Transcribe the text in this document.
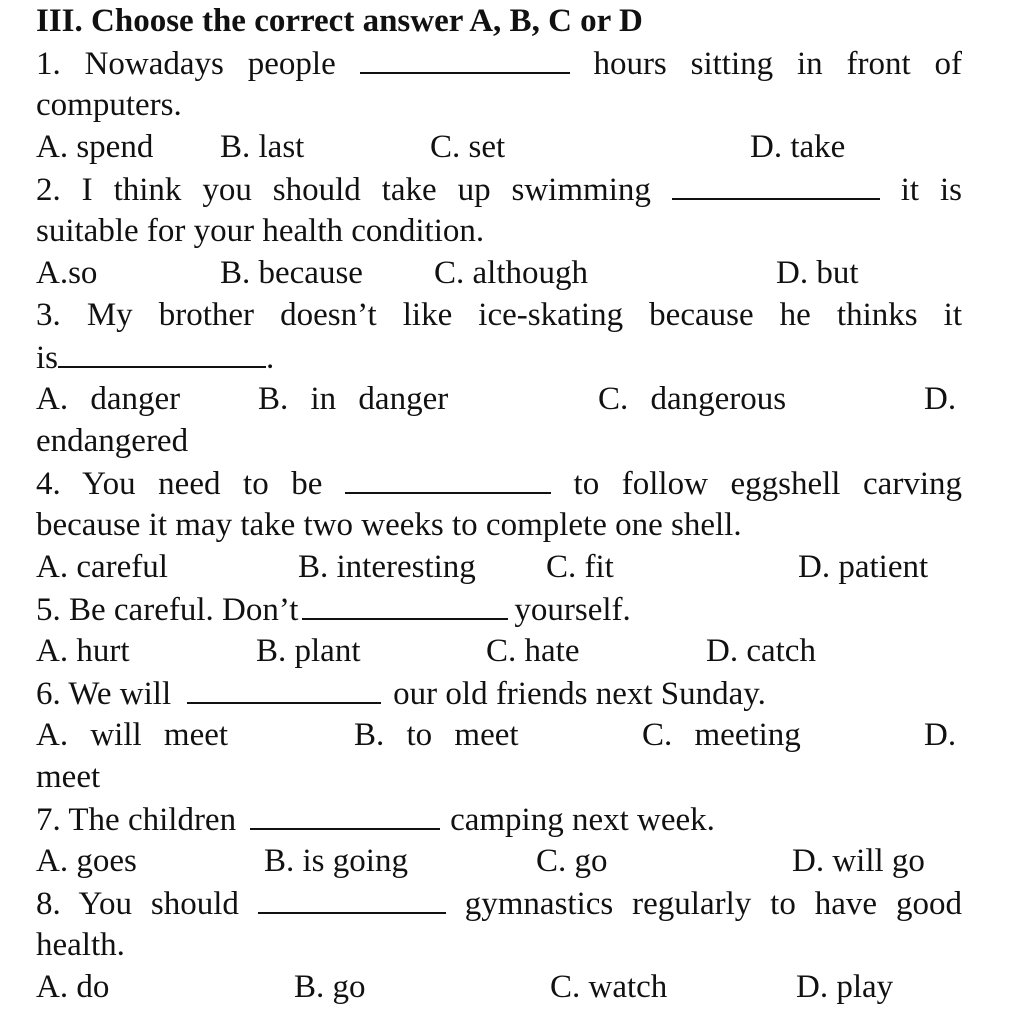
III. Choose the correct answer A, B, C or D

1. Nowadays people	hours sitting in front of

computers.

A. spend B. last	C. set	D. take

2. I think you should take up swimming	it is

suitable for your health condition.

A.so	B. because C. although	D. but

3. My brother doesn’t like ice-skating because he thinks it

is	.

A. danger B. in danger	C. dangerous	D.

endangered

4. You need to be	to follow eggshell carving

because it may take two weeks to complete one shell.

A. careful	B. interesting C. fit	D. patient

5. Be careful. Don’t	yourself.

A. hurt	B. plant	C. hate	D. catch

6. We will	our old friends next Sunday.

A. will meet	B. to meet	C. meeting	D.

meet

7. The children	camping next week.

A. goes	B. is going	C. go	D. will go

8. You should	gymnastics regularly to have good

health.

A. do	B. go	C. watch	D. play
